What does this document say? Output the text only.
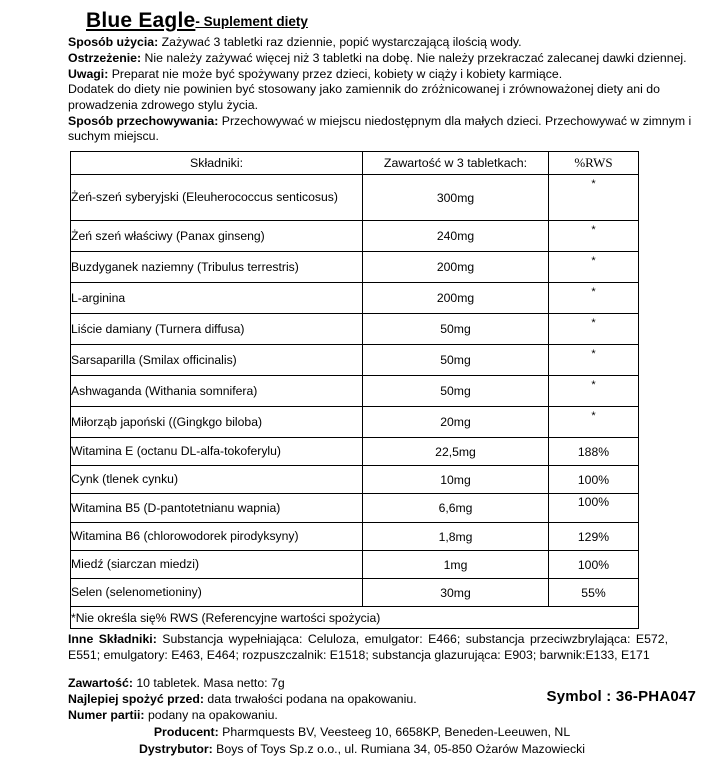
Blue Eagle- Suplement diety

Sposób użycia: Zażywać 3 tabletki raz dziennie, popić wystarczającą ilością wody.

Ostrzeżenie: Nie należy zażywać więcej niż 3 tabletki na dobę. Nie należy przekraczać zalecanej dawki dziennej.

Uwagi: Preparat nie może być spożywany przez dzieci, kobiety w ciąży i kobiety karmiące.

Dodatek do diety nie powinien być stosowany jako zamiennik do zróżnicowanej i zrównoważonej diety ani do prowadzenia zdrowego stylu życia.

Sposób przechowywania: Przechowywać w miejscu niedostępnym dla małych dzieci. Przechowywać w zimnym i suchym miejscu.

Składniki:	Zawartość w 3 tabletkach:	%RWS
Żeń-szeń syberyjski (Eleuherococcus senticosus)	300mg	*
Żeń szeń właściwy (Panax ginseng)	240mg	*
Buzdyganek naziemny (Tribulus terrestris)	200mg	*
L-arginina	200mg	*
Liście damiany (Turnera diffusa)	50mg	*
Sarsaparilla (Smilax officinalis)	50mg	*
Ashwaganda (Withania somnifera)	50mg	*
Miłorząb japoński ((Gingkgo biloba)	20mg	*
Witamina E (octanu DL-alfa-tokoferylu)	22,5mg	188%
Cynk (tlenek cynku)	10mg	100%
Witamina B5 (D-pantotetnianu wapnia)	6,6mg	100%
Witamina B6 (chlorowodorek pirodyksyny)	1,8mg	129%
Miedź (siarczan miedzi)	1mg	100%
Selen (selenometioniny)	30mg	55%
*Nie określa się% RWS (Referencyjne wartości spożycia)		

Inne Składniki: Substancja wypełniająca: Celuloza, emulgator: E466; substancja przeciwzbrylająca: E572, E551; emulgatory: E463, E464; rozpuszczalnik: E1518; substancja glazurująca: E903; barwnik:E133, E171

Zawartość: 10 tabletek. Masa netto: 7g
Najlepiej spożyć przed: data trwałości podana na opakowaniu.
Numer partii: podany na opakowaniu.
Producent: Pharmquests BV, Veesteeg 10, 6658KP, Beneden-Leeuwen, NL
Dystrybutor: Boys of Toys Sp.z o.o., ul. Rumiana 34, 05-850 Ożarów Mazowiecki
Symbol : 36-PHA047
